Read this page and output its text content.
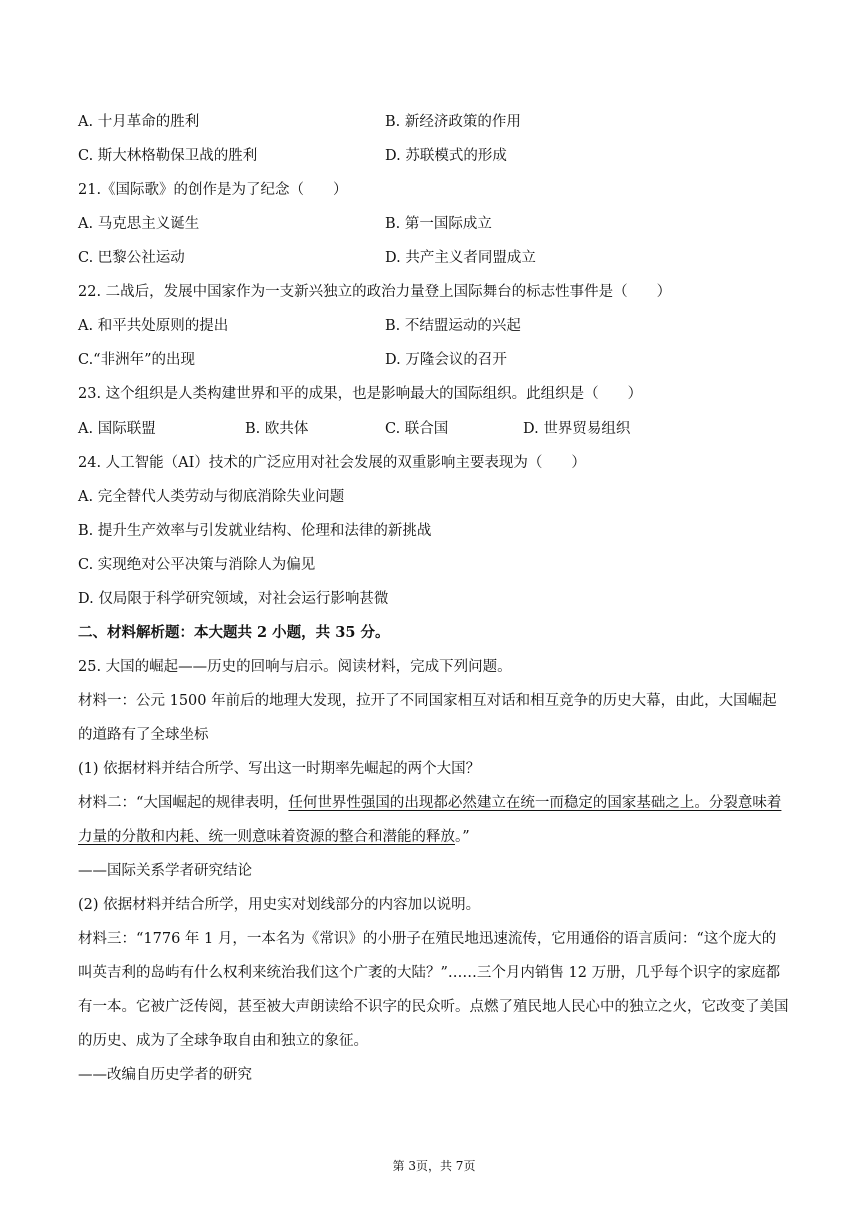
A. 十月革命的胜利	B. 新经济政策的作用
C. 斯大林格勒保卫战的胜利	D. 苏联模式的形成
21.《国际歌》的创作是为了纪念（　　）
A. 马克思主义诞生	B. 第一国际成立
C. 巴黎公社运动	D. 共产主义者同盟成立
22. 二战后，发展中国家作为一支新兴独立的政治力量登上国际舞台的标志性事件是（　　）
A. 和平共处原则的提出	B. 不结盟运动的兴起
C.“非洲年”的出现	D. 万隆会议的召开
23. 这个组织是人类构建世界和平的成果，也是影响最大的国际组织。此组织是（　　）
A. 国际联盟	B. 欧共体	C. 联合国	D. 世界贸易组织
24. 人工智能（AI）技术的广泛应用对社会发展的双重影响主要表现为（　　）
A. 完全替代人类劳动与彻底消除失业问题
B. 提升生产效率与引发就业结构、伦理和法律的新挑战
C. 实现绝对公平决策与消除人为偏见
D. 仅局限于科学研究领域，对社会运行影响甚微
二、材料解析题：本大题共 2 小题，共 35 分。
25. 大国的崛起——历史的回响与启示。阅读材料，完成下列问题。
材料一：公元 1500 年前后的地理大发现，拉开了不同国家相互对话和相互竞争的历史大幕，由此，大国崛起的道路有了全球坐标
(1) 依据材料并结合所学、写出这一时期率先崛起的两个大国？
材料二：“大国崛起的规律表明，任何世界性强国的出现都必然建立在统一而稳定的国家基础之上。分裂意味着力量的分散和内耗、统一则意味着资源的整合和潜能的释放。”
——国际关系学者研究结论
(2) 依据材料并结合所学，用史实对划线部分的内容加以说明。
材料三：“1776 年 1 月，一本名为《常识》的小册子在殖民地迅速流传，它用通俗的语言质问：“这个庞大的叫英吉利的岛屿有什么权利来统治我们这个广袤的大陆？”……三个月内销售 12 万册，几乎每个识字的家庭都有一本。它被广泛传阅，甚至被大声朗读给不识字的民众听。点燃了殖民地人民心中的独立之火，它改变了美国的历史、成为了全球争取自由和独立的象征。
——改编自历史学者的研究
第 3页，共 7页
